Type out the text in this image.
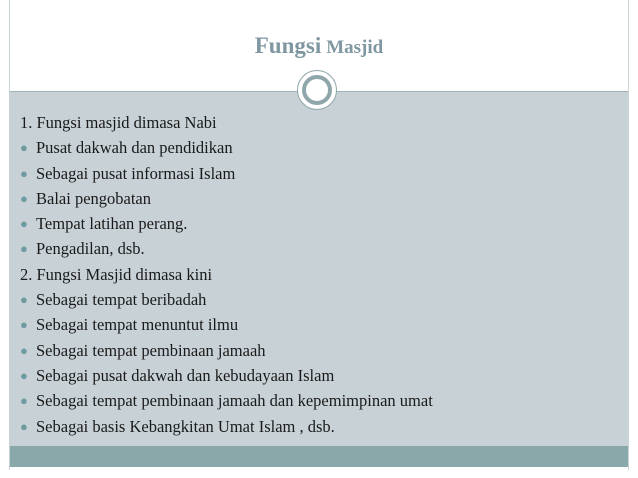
Fungsi Masjid
1. Fungsi masjid dimasa Nabi
● Pusat dakwah dan pendidikan
● Sebagai pusat informasi Islam
● Balai pengobatan
● Tempat latihan perang.
● Pengadilan, dsb.
2. Fungsi Masjid dimasa kini
● Sebagai tempat beribadah
● Sebagai tempat menuntut ilmu
● Sebagai tempat pembinaan jamaah
● Sebagai pusat dakwah dan kebudayaan Islam
● Sebagai tempat pembinaan jamaah dan kepemimpinan umat
● Sebagai basis Kebangkitan Umat Islam , dsb.
